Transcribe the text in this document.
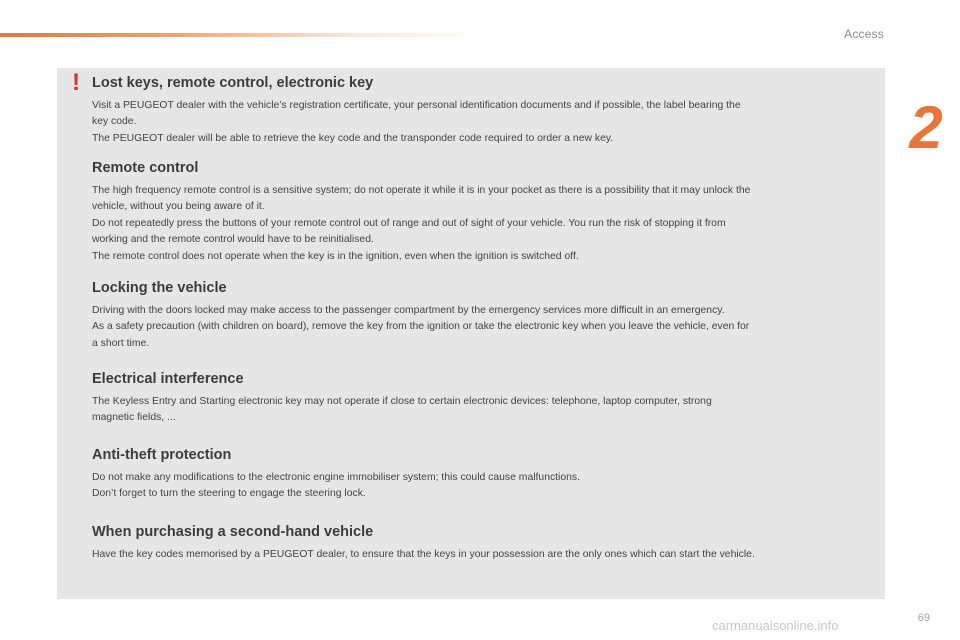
Access
2
! Lost keys, remote control, electronic key

Visit a PEUGEOT dealer with the vehicle’s registration certificate, your personal identification documents and if possible, the label bearing the

key code.

The PEUGEOT dealer will be able to retrieve the key code and the transponder code required to order a new key.

Remote control

The high frequency remote control is a sensitive system; do not operate it while it is in your pocket as there is a possibility that it may unlock the

vehicle, without you being aware of it.

Do not repeatedly press the buttons of your remote control out of range and out of sight of your vehicle. You run the risk of stopping it from

working and the remote control would have to be reinitialised.

The remote control does not operate when the key is in the ignition, even when the ignition is switched off.

Locking the vehicle

Driving with the doors locked may make access to the passenger compartment by the emergency services more difficult in an emergency.

As a safety precaution (with children on board), remove the key from the ignition or take the electronic key when you leave the vehicle, even for

a short time.

Electrical interference

The Keyless Entry and Starting electronic key may not operate if close to certain electronic devices: telephone, laptop computer, strong

magnetic fields, ...

Anti-theft protection

Do not make any modifications to the electronic engine immobiliser system; this could cause malfunctions.

Don’t forget to turn the steering to engage the steering lock.

When purchasing a second-hand vehicle

Have the key codes memorised by a PEUGEOT dealer, to ensure that the keys in your possession are the only ones which can start the vehicle.

69
carmanualsonline.info
